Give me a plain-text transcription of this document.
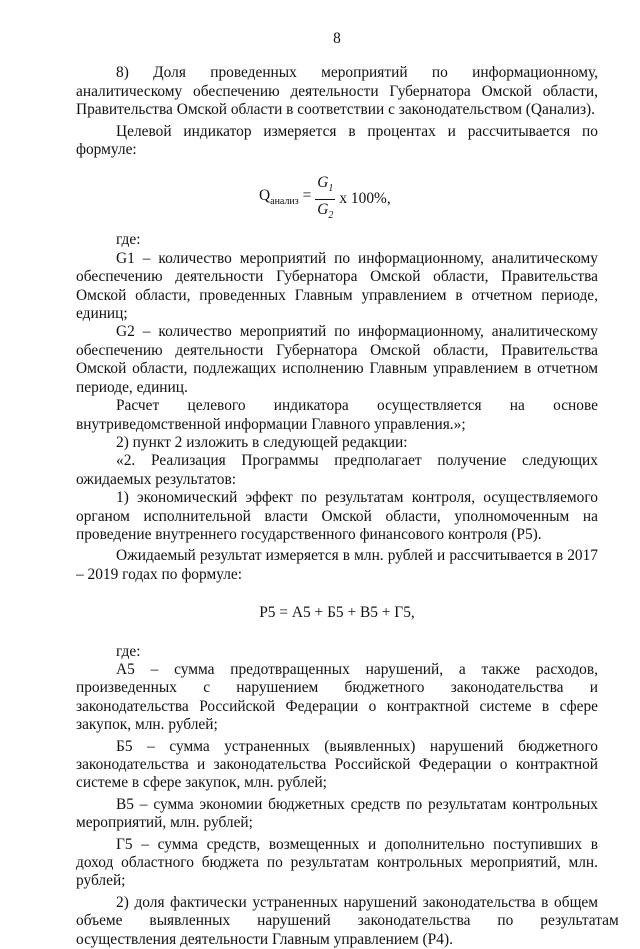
8

8)      Доля      проведенных      мероприятий      по      информационному, аналитическому обеспечению деятельности Губернатора Омской области, Правительства Омской области в соответствии с законодательством (Qанализ).

Целевой индикатор измеряется в процентах и рассчитывается по формуле:

$Q_{анализ} = \frac{G_1}{G_2}$ x 100%,

где:

G1 – количество мероприятий по информационному, аналитическому обеспечению деятельности Губернатора Омской области, Правительства Омской области, проведенных Главным управлением в отчетном периоде, единиц;

G2 – количество мероприятий по информационному, аналитическому обеспечению деятельности Губернатора Омской области, Правительства Омской области, подлежащих исполнению Главным управлением в отчетном периоде, единиц.

Расчет      целевого      индикатора      осуществляется      на      основе внутриведомственной информации Главного управления.»;

2) пункт 2 изложить в следующей редакции:

«2. Реализация Программы предполагает получение следующих ожидаемых результатов:

1) экономический эффект по результатам контроля, осуществляемого органом исполнительной власти Омской области, уполномоченным на проведение внутреннего государственного финансового контроля (Р5).

Ожидаемый результат измеряется в млн. рублей и рассчитывается в 2017 – 2019 годах по формуле:

Р5 = А5 + Б5 + В5 + Г5,

где:

А5 – сумма предотвращенных нарушений, а также расходов, произведенных с нарушением бюджетного законодательства и законодательства Российской Федерации о контрактной системе в сфере закупок, млн. рублей;

Б5 – сумма устраненных (выявленных) нарушений бюджетного законодательства и законодательства Российской Федерации о контрактной системе в сфере закупок, млн. рублей;

В5 – сумма экономии бюджетных средств по результатам контрольных мероприятий, млн. рублей;

Г5 – сумма средств, возмещенных и дополнительно поступивших в доход областного бюджета по результатам контрольных мероприятий, млн. рублей;

2) доля фактически устраненных нарушений законодательства в общем объеме       выявленных       нарушений       законодательства       по       результатам осуществления деятельности Главным управлением (Р4).
